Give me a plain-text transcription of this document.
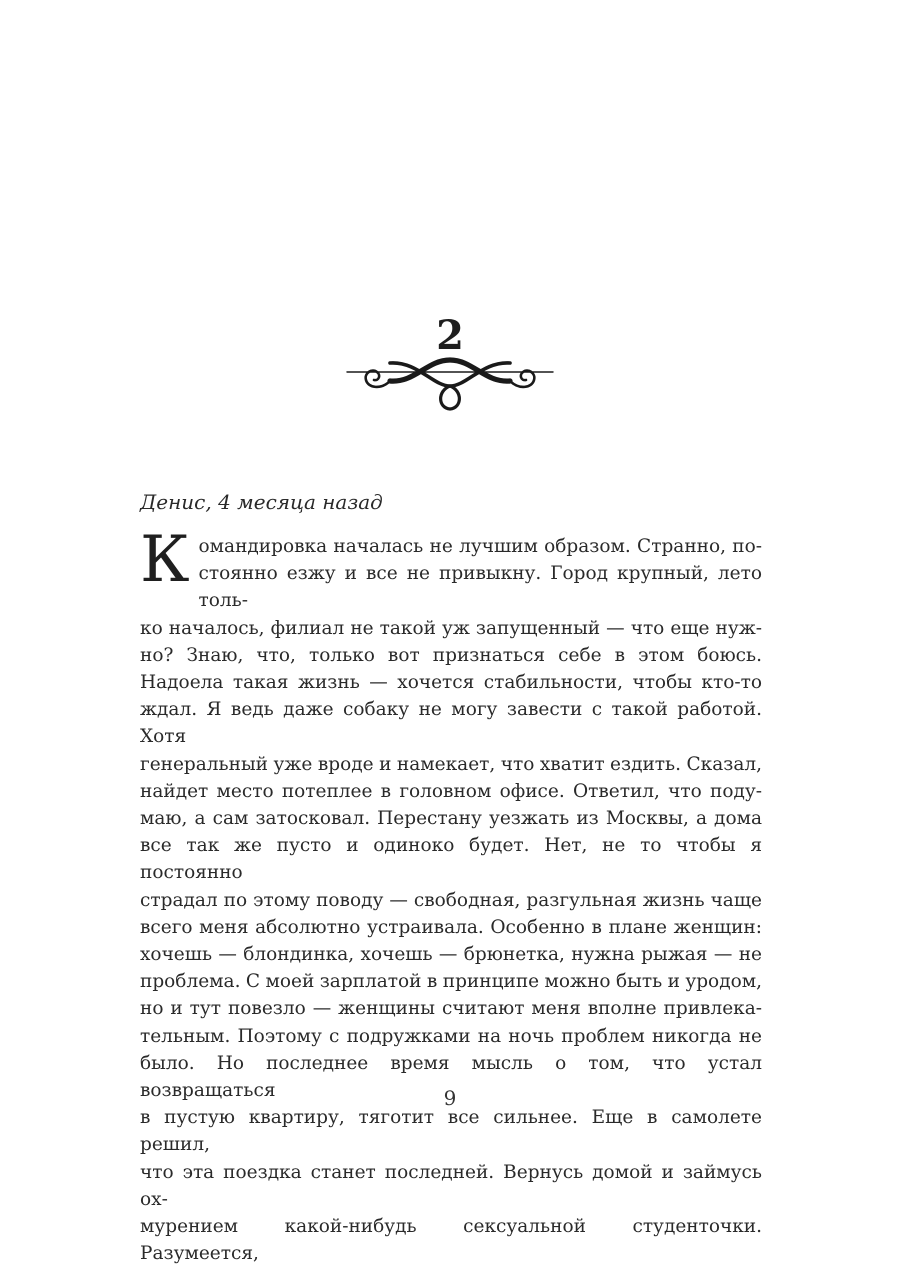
2
Денис, 4 месяца назад
К омандировка началась не лучшим образом. Странно, по-
стоянно езжу и все не привыкну. Город крупный, лето толь-
ко началось, филиал не такой уж запущенный — что еще нуж-
но? Знаю, что, только вот признаться себе в этом боюсь.
Надоела такая жизнь — хочется стабильности, чтобы кто-то
ждал. Я ведь даже собаку не могу завести с такой работой. Хотя
генеральный уже вроде и намекает, что хватит ездить. Сказал,
найдет место потеплее в головном офисе. Ответил, что поду-
маю, а сам затосковал. Перестану уезжать из Москвы, а дома
все так же пусто и одиноко будет. Нет, не то чтобы я постоянно
страдал по этому поводу — свободная, разгульная жизнь чаще
всего меня абсолютно устраивала. Особенно в плане женщин:
хочешь — блондинка, хочешь — брюнетка, нужна рыжая — не
проблема. С моей зарплатой в принципе можно быть и уродом,
но и тут повезло — женщины считают меня вполне привлека-
тельным. Поэтому с подружками на ночь проблем никогда не
было. Но последнее время мысль о том, что устал возвращаться
в пустую квартиру, тяготит все сильнее. Еще в самолете решил,
что эта поездка станет последней. Вернусь домой и займусь ох-
мурением какой-нибудь сексуальной студенточки. Разумеется,
9
